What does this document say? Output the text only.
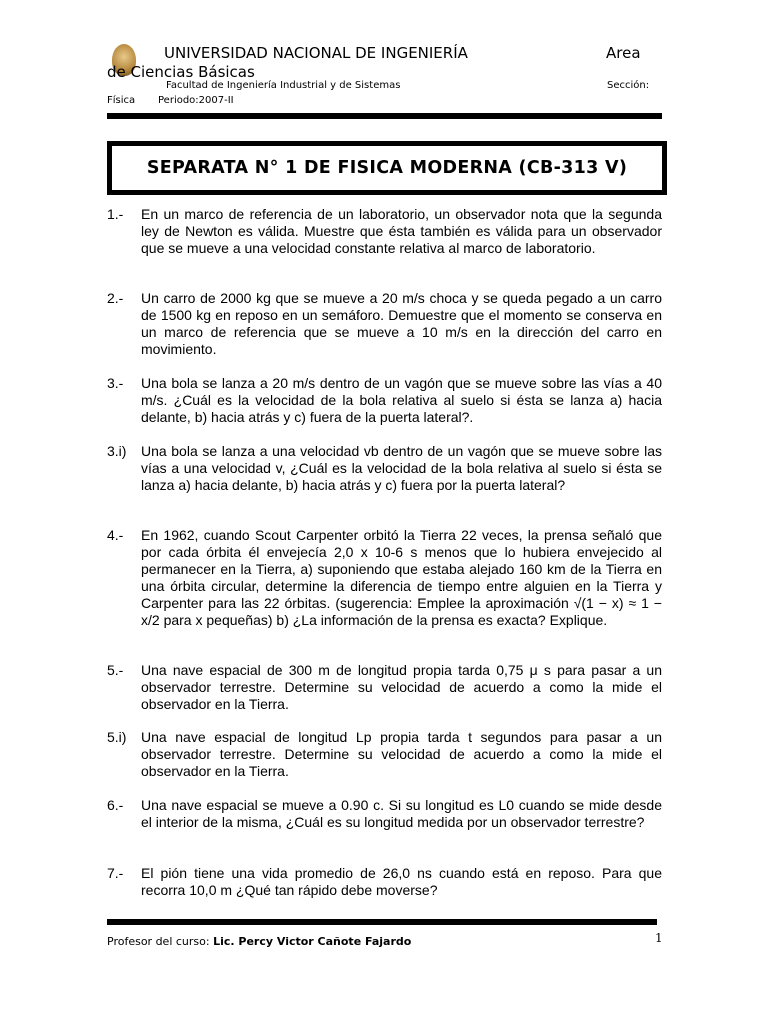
UNIVERSIDAD NACIONAL DE INGENIERÍA	Area
de Ciencias Básicas
Facultad de Ingeniería Industrial y de Sistemas	Sección:
Física Periodo:2007-II
SEPARATA N° 1 DE FISICA MODERNA (CB-313 V)
1.- En un marco de referencia de un laboratorio, un observador nota que la segunda ley de Newton es válida. Muestre que ésta también es válida para un observador que se mueve a una velocidad constante relativa al marco de laboratorio.
2.- Un carro de 2000 kg que se mueve a 20 m/s choca y se queda pegado a un carro de 1500 kg en reposo en un semáforo. Demuestre que el momento se conserva en un marco de referencia que se mueve a 10 m/s en la dirección del carro en movimiento.
3.- Una bola se lanza a 20 m/s dentro de un vagón que se mueve sobre las vías a 40 m/s. ¿Cuál es la velocidad de la bola relativa al suelo si ésta se lanza a) hacia delante, b) hacia atrás y c) fuera de la puerta lateral?.
3.i) Una bola se lanza a una velocidad vb dentro de un vagón que se mueve sobre las vías a una velocidad v, ¿Cuál es la velocidad de la bola relativa al suelo si ésta se lanza a) hacia delante, b) hacia atrás y c) fuera por la puerta lateral?
4.- En 1962, cuando Scout Carpenter orbitó la Tierra 22 veces, la prensa señaló que por cada órbita él envejecía 2,0 x 10-6 s menos que lo hubiera envejecido al permanecer en la Tierra, a) suponiendo que estaba alejado 160 km de la Tierra en una órbita circular, determine la diferencia de tiempo entre alguien en la Tierra y Carpenter para las 22 órbitas. (sugerencia: Emplee la aproximación √(1 − x) ≈ 1 − x/2 para x pequeñas) b) ¿La información de la prensa es exacta? Explique.
5.- Una nave espacial de 300 m de longitud propia tarda 0,75 μ s para pasar a un observador terrestre. Determine su velocidad de acuerdo a como la mide el observador en la Tierra.
5.i) Una nave espacial de longitud Lp propia tarda t segundos para pasar a un observador terrestre. Determine su velocidad de acuerdo a como la mide el observador en la Tierra.
6.- Una nave espacial se mueve a 0.90 c. Si su longitud es L0 cuando se mide desde el interior de la misma, ¿Cuál es su longitud medida por un observador terrestre?
7.- El pión tiene una vida promedio de 26,0 ns cuando está en reposo. Para que recorra 10,0 m ¿Qué tan rápido debe moverse?
Profesor del curso: Lic. Percy Victor Cañote Fajardo	1
